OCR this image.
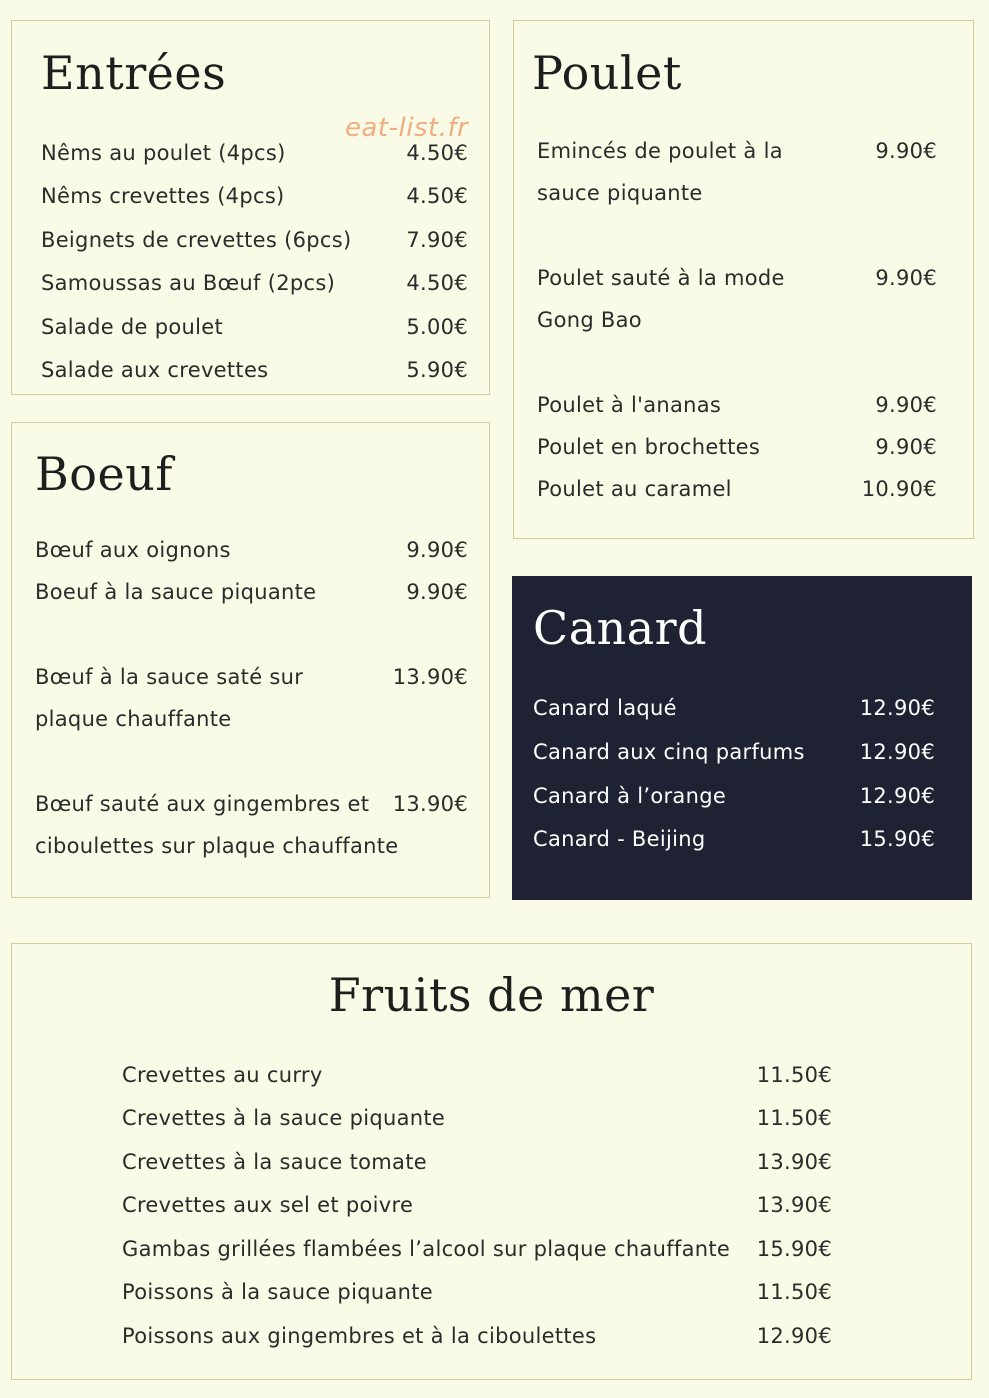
Entrées
Nêms au poulet (4pcs)	4.50€
Nêms crevettes (4pcs)	4.50€
Beignets de crevettes (6pcs)	7.90€
Samoussas au Bœuf (2pcs)	4.50€
Salade de poulet	5.00€
Salade aux crevettes	5.90€
eat-list.fr
Boeuf
Bœuf aux oignons	9.90€
Boeuf à la sauce piquante	9.90€
Bœuf à la sauce saté sur	13.90€
plaque chauffante
Bœuf sauté aux gingembres et 13.90€
ciboulettes sur plaque chauffante
Poulet
Emincés de poulet à la	9.90€
sauce piquante
Poulet sauté à la mode	9.90€
Gong Bao
Poulet à l'ananas	9.90€
Poulet en brochettes	9.90€
Poulet au caramel	10.90€
Canard
Canard laqué	12.90€
Canard aux cinq parfums	12.90€
Canard à l’orange	12.90€
Canard - Beijing	15.90€
Fruits de mer
Crevettes au curry	11.50€
Crevettes à la sauce piquante	11.50€
Crevettes à la sauce tomate	13.90€
Crevettes aux sel et poivre	13.90€
Gambas grillées flambées l’alcool sur plaque chauffante 15.90€
Poissons à la sauce piquante	11.50€
Poissons aux gingembres et à la ciboulettes	12.90€
